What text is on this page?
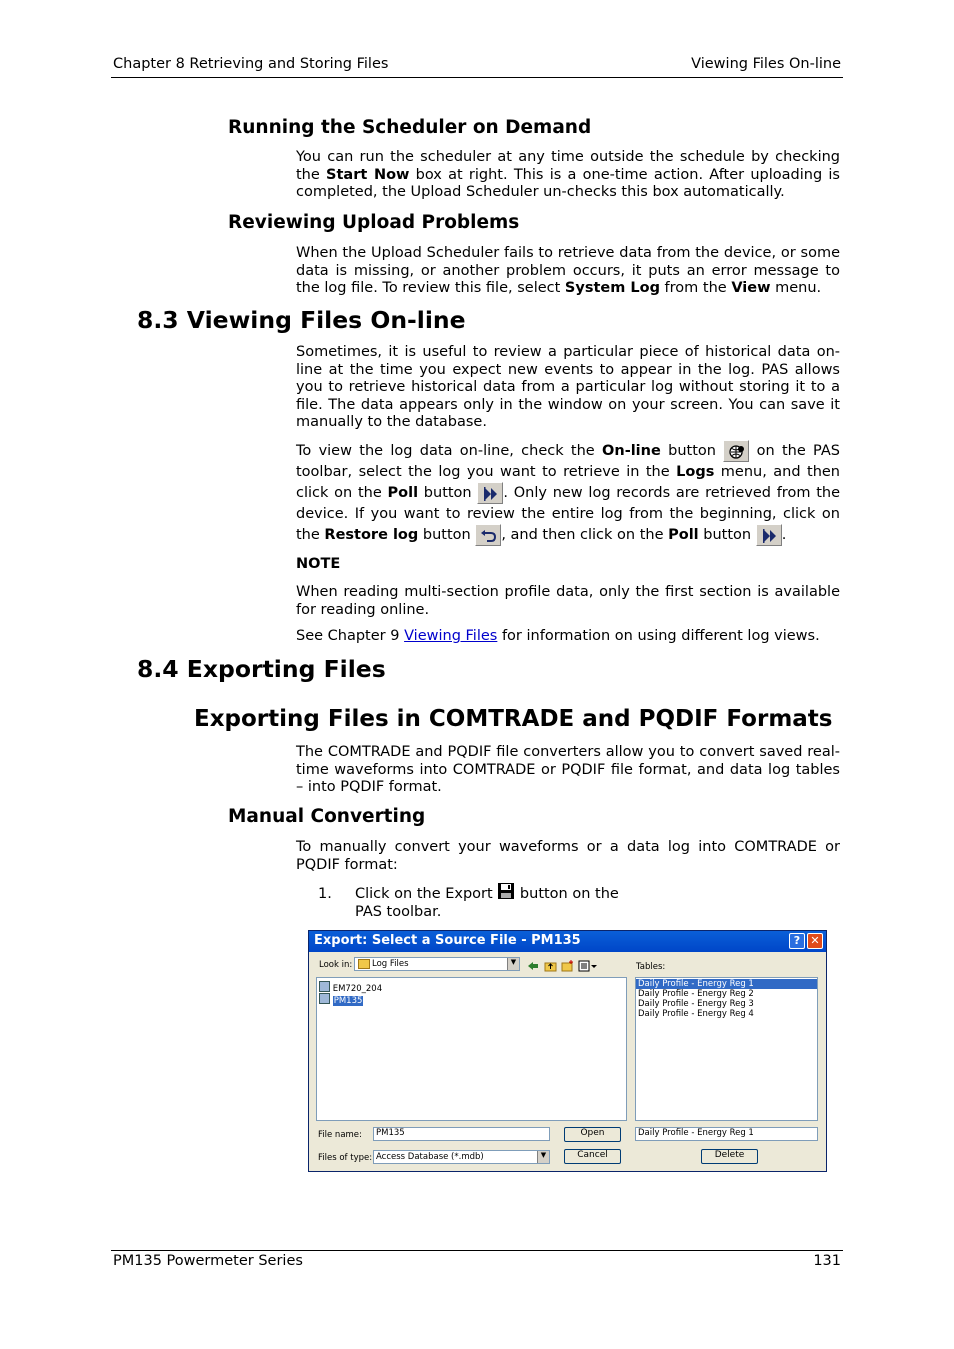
Chapter 8 Retrieving and Storing Files	Viewing Files On-line
Running the Scheduler on Demand
You can run the scheduler at any time outside the schedule by checking the Start Now box at right. This is a one-time action. After uploading is completed, the Upload Scheduler un-checks this box automatically.
Reviewing Upload Problems
When the Upload Scheduler fails to retrieve data from the device, or some data is missing, or another problem occurs, it puts an error message to the log file. To review this file, select System Log from the View menu.
8.3 Viewing Files On-line
Sometimes, it is useful to review a particular piece of historical data on-line at the time you expect new events to appear in the log. PAS allows you to retrieve historical data from a particular log without storing it to a file. The data appears only in the window on your screen. You can save it manually to the database.
To view the log data on-line, check the On-line button
on the PAS toolbar, select the log you want to retrieve in the Logs menu, and then click on the Poll button
. Only new log records are retrieved from the device. If you want to review the entire log from the beginning, click on the Restore log button
, and then click on the Poll button
.
NOTE
When reading multi-section profile data, only the first section is available for reading online.
See Chapter 9 Viewing Files for information on using different log views.
8.4 Exporting Files
Exporting Files in COMTRADE and PQDIF Formats
The COMTRADE and PQDIF file converters allow you to convert saved real-time waveforms into COMTRADE or PQDIF file format, and data log tables – into PQDIF format.
Manual Converting
To manually convert your waveforms or a data log into COMTRADE or PQDIF format:
1. Click on the Export  button on the
PAS toolbar.
Export: Select a Source File - PM135	? ✕
Look in: Log Files	▼	Tables:
EM720_204
PM135
Daily Profile - Energy Reg 1
Daily Profile - Energy Reg 2
Daily Profile - Energy Reg 3
Daily Profile - Energy Reg 4
File name:	PM135	Open
Files of type: Access Database (*.mdb)	▼	Cancel
Daily Profile - Energy Reg 1
Delete
PM135 Powermeter Series	131
